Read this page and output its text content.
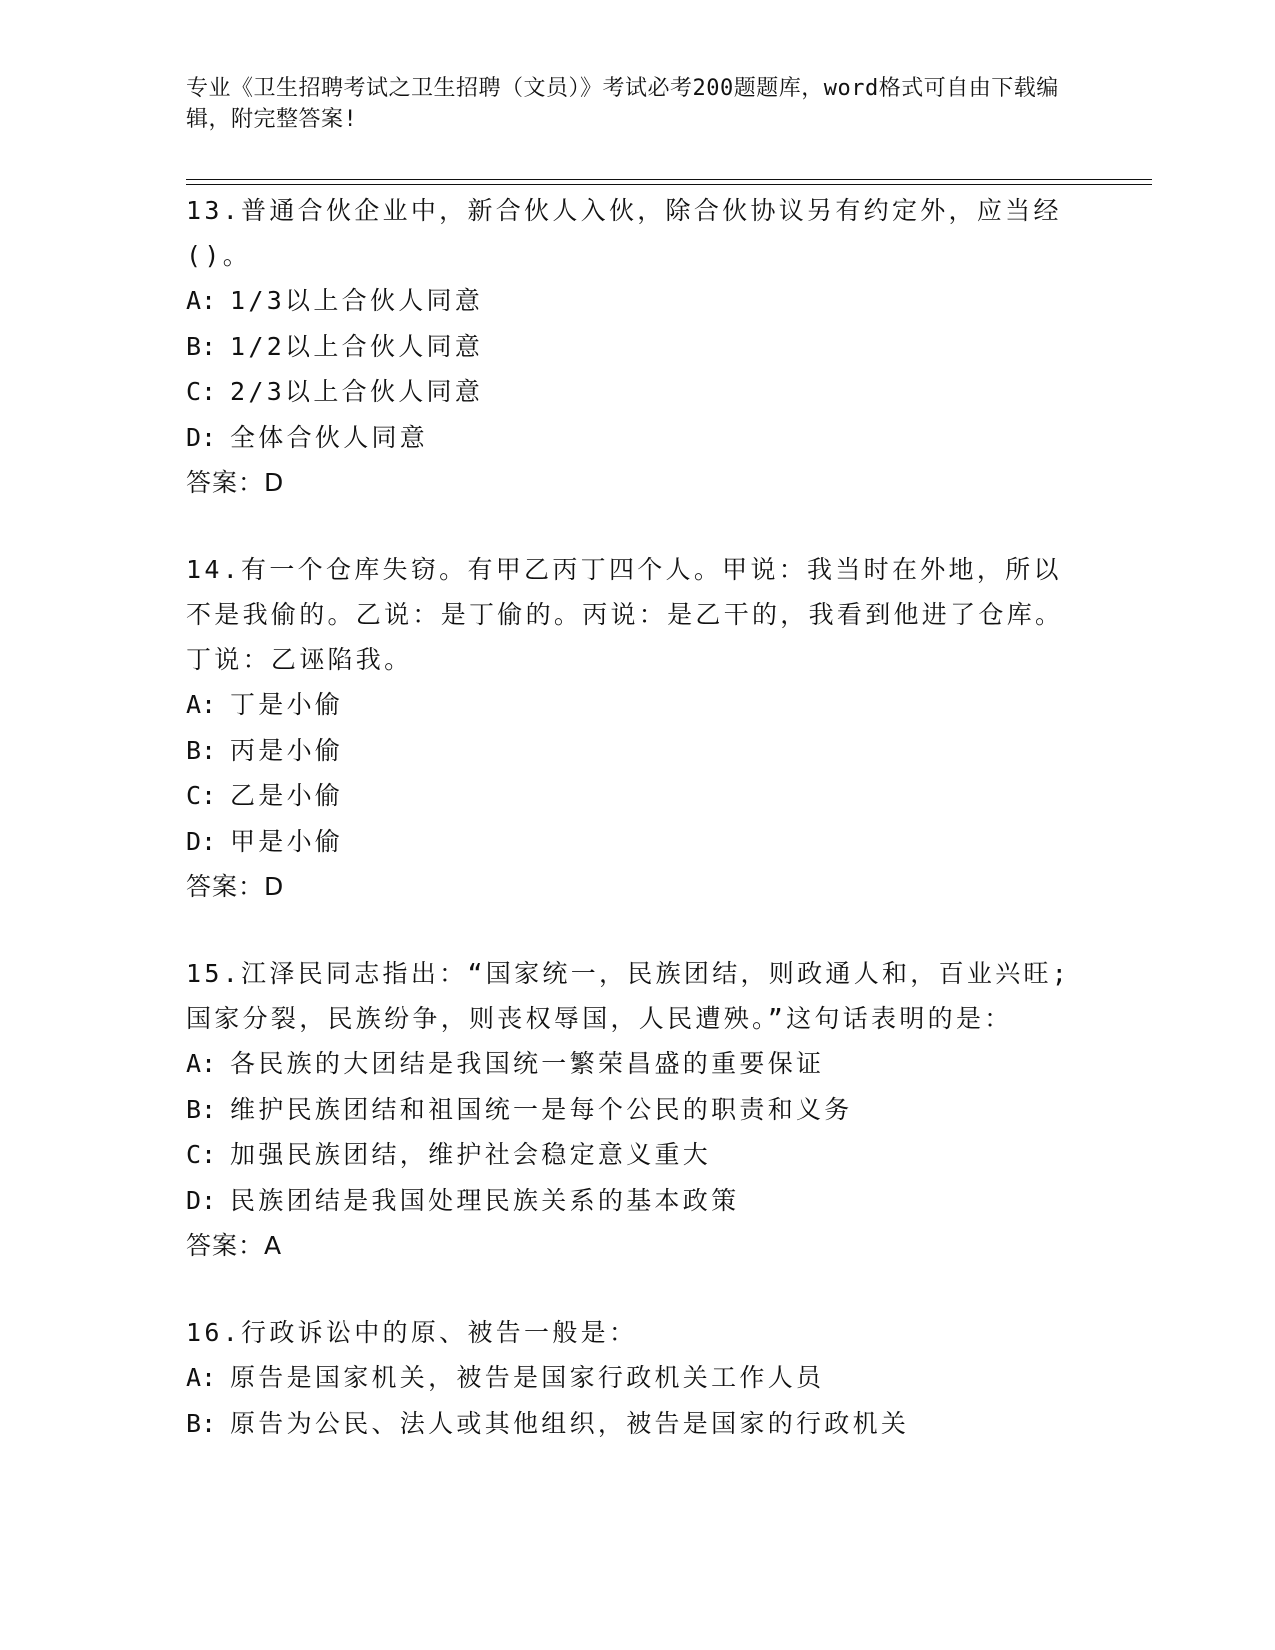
专业《卫生招聘考试之卫生招聘（文员）》考试必考200题题库，word格式可自由下载编辑，附完整答案!

13.普通合伙企业中，新合伙人入伙，除合伙协议另有约定外，应当经()。

A: 1/3以上合伙人同意

B: 1/2以上合伙人同意

C: 2/3以上合伙人同意

D: 全体合伙人同意

答案：D

14.有一个仓库失窃。有甲乙丙丁四个人。甲说：我当时在外地，所以不是我偷的。乙说：是丁偷的。丙说：是乙干的，我看到他进了仓库。丁说：乙诬陷我。

A: 丁是小偷

B: 丙是小偷

C: 乙是小偷

D: 甲是小偷

答案：D

15.江泽民同志指出：“国家统一，民族团结，则政通人和，百业兴旺;国家分裂，民族纷争，则丧权辱国，人民遭殃。”这句话表明的是：

A: 各民族的大团结是我国统一繁荣昌盛的重要保证

B: 维护民族团结和祖国统一是每个公民的职责和义务

C: 加强民族团结，维护社会稳定意义重大

D: 民族团结是我国处理民族关系的基本政策

答案：A

16.行政诉讼中的原、被告一般是：

A: 原告是国家机关，被告是国家行政机关工作人员

B: 原告为公民、法人或其他组织，被告是国家的行政机关
